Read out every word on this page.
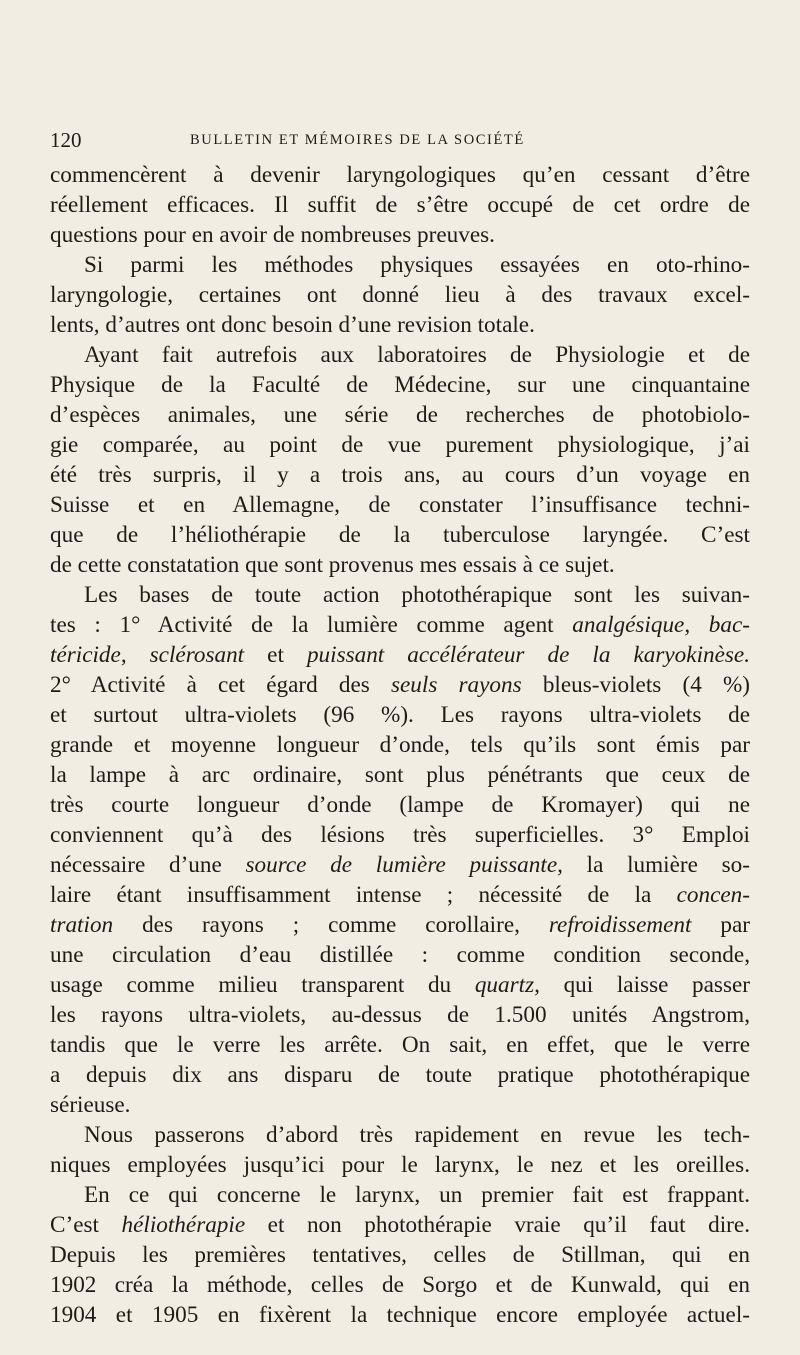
120	BULLETIN ET MÉMOIRES DE LA SOCIÉTÉ
commencèrent à devenir laryngologiques qu’en cessant d’être
réellement efficaces. Il suffit de s’être occupé de cet ordre de
questions pour en avoir de nombreuses preuves.
Si parmi les méthodes physiques essayées en oto-rhino-
laryngologie, certaines ont donné lieu à des travaux excel-
lents, d’autres ont donc besoin d’une revision totale.
Ayant fait autrefois aux laboratoires de Physiologie et de
Physique de la Faculté de Médecine, sur une cinquantaine
d’espèces animales, une série de recherches de photobiolo-
gie comparée, au point de vue purement physiologique, j’ai
été très surpris, il y a trois ans, au cours d’un voyage en
Suisse et en Allemagne, de constater l’insuffisance techni-
que de l’héliothérapie de la tuberculose laryngée. C’est
de cette constatation que sont provenus mes essais à ce sujet.
Les bases de toute action photothérapique sont les suivan-
tes : 1° Activité de la lumière comme agent analgésique, bac-
téricide, sclérosant et puissant accélérateur de la karyokinèse.
2° Activité à cet égard des seuls rayons bleus-violets (4 %)
et surtout ultra-violets (96 %). Les rayons ultra-violets de
grande et moyenne longueur d’onde, tels qu’ils sont émis par
la lampe à arc ordinaire, sont plus pénétrants que ceux de
très courte longueur d’onde (lampe de Kromayer) qui ne
conviennent qu’à des lésions très superficielles. 3° Emploi
nécessaire d’une source de lumière puissante, la lumière so-
laire étant insuffisamment intense ; nécessité de la concen-
tration des rayons ; comme corollaire, refroidissement par
une circulation d’eau distillée : comme condition seconde,
usage comme milieu transparent du quartz, qui laisse passer
les rayons ultra-violets, au-dessus de 1.500 unités Angstrom,
tandis que le verre les arrête. On sait, en effet, que le verre
a depuis dix ans disparu de toute pratique photothérapique
sérieuse.
Nous passerons d’abord très rapidement en revue les tech-
niques employées jusqu’ici pour le larynx, le nez et les oreilles.
En ce qui concerne le larynx, un premier fait est frappant.
C’est héliothérapie et non photothérapie vraie qu’il faut dire.
Depuis les premières tentatives, celles de Stillman, qui en
1902 créa la méthode, celles de Sorgo et de Kunwald, qui en
1904 et 1905 en fixèrent la technique encore employée actuel-
